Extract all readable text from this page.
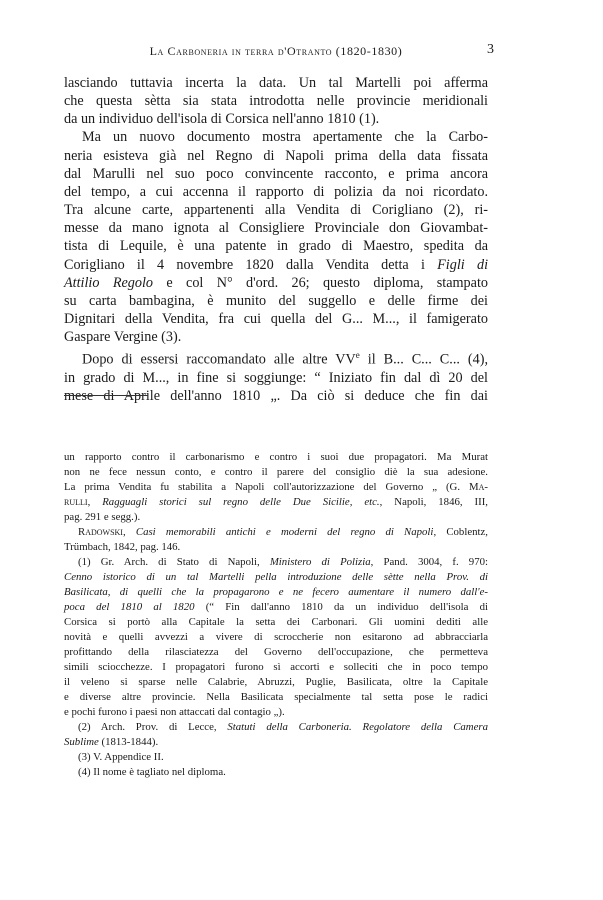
La Carboneria in terra d'Otranto (1820-1830)	3

lasciando tuttavia incerta la data. Un tal Martelli poi afferma

che questa sètta sia stata introdotta nelle provincie meridionali

da un individuo dell'isola di Corsica nell'anno 1810 (1).

Ma un nuovo documento mostra apertamente che la Carbo-

neria esisteva già nel Regno di Napoli prima della data fissata

dal Marulli nel suo poco convincente racconto, e prima ancora

del tempo, a cui accenna il rapporto di polizia da noi ricordato.

Tra alcune carte, appartenenti alla Vendita di Corigliano (2), ri-

messe da mano ignota al Consigliere Provinciale don Giovambat-

tista di Lequile, è una patente in grado di Maestro, spedita da

Corigliano il 4 novembre 1820 dalla Vendita detta i Figli di

Attilio Regolo e col N° d'ord. 26; questo diploma, stampato

su carta bambagina, è munito del suggello e delle firme dei

Dignitari della Vendita, fra cui quella del G... M..., il famigerato

Gaspare Vergine (3).

Dopo di essersi raccomandato alle altre VVe il B... C... C... (4),

in grado di M..., in fine si soggiunge: “ Iniziato fin dal dì 20 del

mese di Aprile dell'anno 1810 „. Da ciò si deduce che fin dai

un rapporto contro il carbonarismo e contro i suoi due propagatori. Ma Murat

non ne fece nessun conto, e contro il parere del consiglio diè la sua adesione.

La prima Vendita fu stabilita a Napoli coll'autorizzazione del Governo „ (G. Ma-

rulli, Ragguagli storici sul regno delle Due Sicilie, etc., Napoli, 1846, III,

pag. 291 e segg.).

Radowski, Casi memorabili antichi e moderni del regno di Napoli, Coblentz,

Trümbach, 1842, pag. 146.

(1) Gr. Arch. di Stato di Napoli, Ministero di Polizia, Pand. 3004, f. 970:

Cenno istorico di un tal Martelli pella introduzione delle sètte nella Prov. di

Basilicata, di quelli che la propagarono e ne fecero aumentare il numero dall'e-

poca del 1810 al 1820 (“ Fin dall'anno 1810 da un individuo dell'isola di

Corsica si portò alla Capitale la setta dei Carbonari. Gli uomini dediti alle

novità e quelli avvezzi a vivere di scroccherie non esitarono ad abbracciarla

profittando della rilasciatezza del Governo dell'occupazione, che permetteva

simili sciocchezze. I propagatori furono sì accorti e solleciti che in poco tempo

il veleno si sparse nelle Calabrie, Abruzzi, Puglie, Basilicata, oltre la Capitale

e diverse altre provincie. Nella Basilicata specialmente tal setta pose le radici

e pochi furono i paesi non attaccati dal contagio „).

(2) Arch. Prov. di Lecce, Statuti della Carboneria. Regolatore della Camera

Sublime (1813-1844).

(3) V. Appendice II.

(4) Il nome è tagliato nel diploma.
